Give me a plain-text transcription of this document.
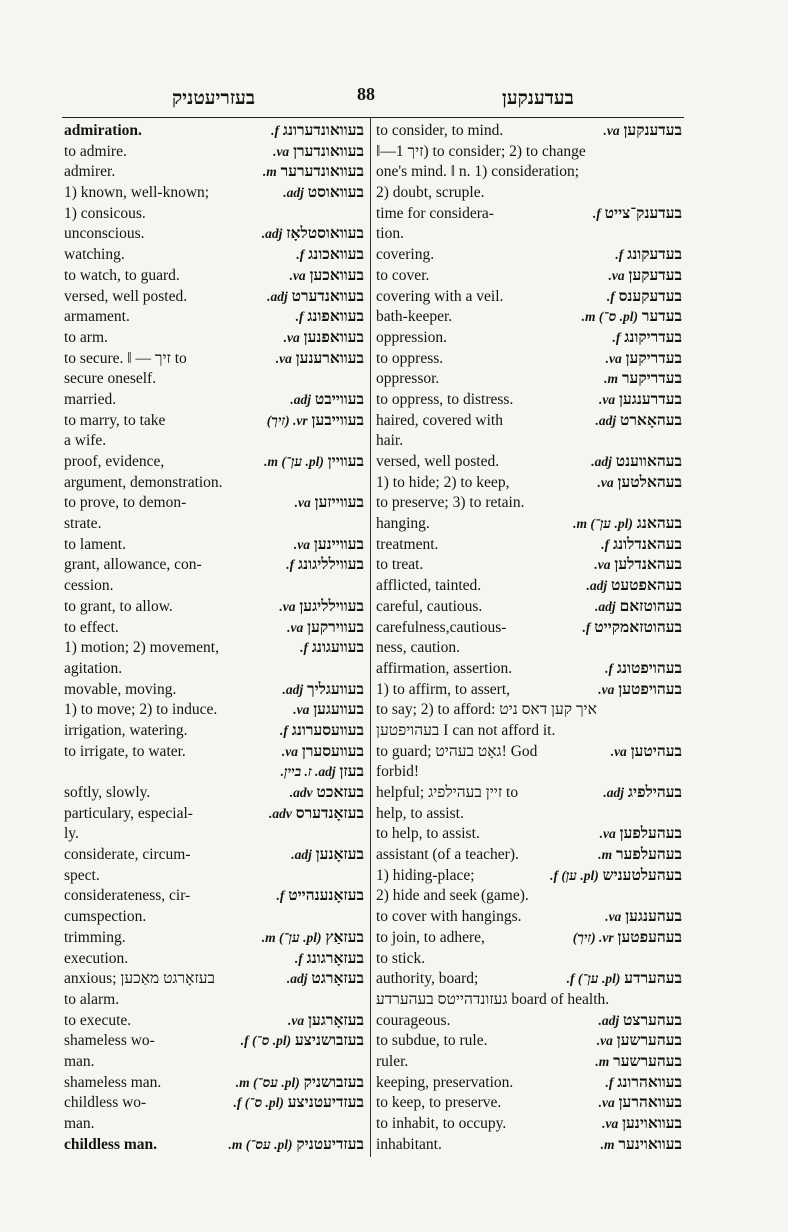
בעזריעטניק	88	בעדענקען
admiration.	בעוואונדערונג f.
to admire.	בעוואונדערן va.
admirer.	בעוואונדערער m.
1) known, well-known;	בעוואוסט adj.
1) consicous.
unconscious.	בעוואוסטלאָז adj.
watching.	בעוואכונג f.
to watch, to guard.	בעוואכען va.
versed, well posted.	בעוואנדערט adj.
armament.	בעוואפונג f.
to arm.	בעוואפנען va.
to secure. ‖ — זיך to	בעווארענען va.
secure oneself.
married.	בעווייבט adj.
to marry, to take	בעווייבען vr. (זיך)
a wife.
proof, evidence,	בעוויין (pl. ען־) m.
argument, demonstration.
to prove, to demon-	בעווייזען va.
strate.
to lament.	בעוויינען va.
grant, allowance, con-	בעווילליגונג f.
cession.
to grant, to allow.	בעווילליגען va.
to effect.	בעווירקען va.
1) motion; 2) movement,	בעוועגונג f.
agitation.
movable, moving.	בעוועגליך adj.
1) to move; 2) to induce.	בעוועגען va.
irrigation, watering.	בעוועסערונג f.
to irrigate, to water.	בעוועסערן va.
בעזן adj. ז. ביין.
softly, slowly.	בעזאכט adv.
particulary, especial-	בעזאָנדערס adv.
ly.
considerate, circum-	בעזאָנען adj.
spect.
considerateness, cir-	בעזאָנענהייט f.
cumspection.
trimming.	בעזאַץ (pl. ען־) m.
execution.	בעזאָרגונג f.
anxious; בעזאָרגט מאַכען	בעזאָרגט adj.
to alarm.
to execute.	בעזאָרגען va.
shameless wo-	בעזבושניצע (pl. ס־) f.
man.
shameless man.	בעזבושניק (pl. עס־) m.
childless wo-	בעזדיעטניצע (pl. ס־) f.
man.
childless man.	בעזדיעטניק (pl. עס־) m.
to consider, to mind.	בעדענקען va.
‖—זיך 1) to consider; 2) to change
one's mind. ‖ n. 1) consideration;
2) doubt, scruple.
time for considera-	בעדענק־צייט f.
tion.
covering.	בעדעקונג f.
to cover.	בעדעקען va.
covering with a veil.	בעדעקענס f.
bath-keeper.	בעדער (pl. ס־) m.
oppression.	בעדריקונג f.
to oppress.	בעדריקען va.
oppressor.	בעדריקער m.
to oppress, to distress.	בעדרענגען va.
haired, covered with	בעהאָארט adj.
hair.
versed, well posted.	בעהאווענט adj.
1) to hide; 2) to keep,	בעהאלטען va.
to preserve; 3) to retain.
hanging.	בעהאנג (pl. ען־) m.
treatment.	בעהאנדלונג f.
to treat.	בעהאנדלען va.
afflicted, tainted.	בעהאפטעט adj.
careful, cautious.	בעהוטזאם adj.
carefulness,cautious-	בעהוטזאמקייט f.
ness, caution.
affirmation, assertion.	בעהויפטונג f.
1) to affirm, to assert,	בעהויפטען va.
to say; 2) to afford: איך קען דאס ניט
בעהויפטען I can not afford it.
to guard; גאָט בעהיט! God	בעהיטען va.
forbid!
helpful; זיין בעהילפיג to	בעהילפיג adj.
help, to assist.
to help, to assist.	בעהעלפען va.
assistant (of a teacher).	בעהעלפער m.
1) hiding-place;	בעהעלטעניש (pl. ען) f.
2) hide and seek (game).
to cover with hangings.	בעהענגען va.
to join, to adhere,	בעהעפטען vr. (זיך)
to stick.
authority, board;	בעהערדע (pl. ען־) f.
געזונדהייטס בעהערדע board of health.
courageous.	בעהערצט adj.
to subdue, to rule.	בעהערשען va.
ruler.	בעהערשער m.
keeping, preservation.	בעוואהרונג f.
to keep, to preserve.	בעוואהרען va.
to inhabit, to occupy.	בעוואוינען va.
inhabitant.	בעוואוינער m.
